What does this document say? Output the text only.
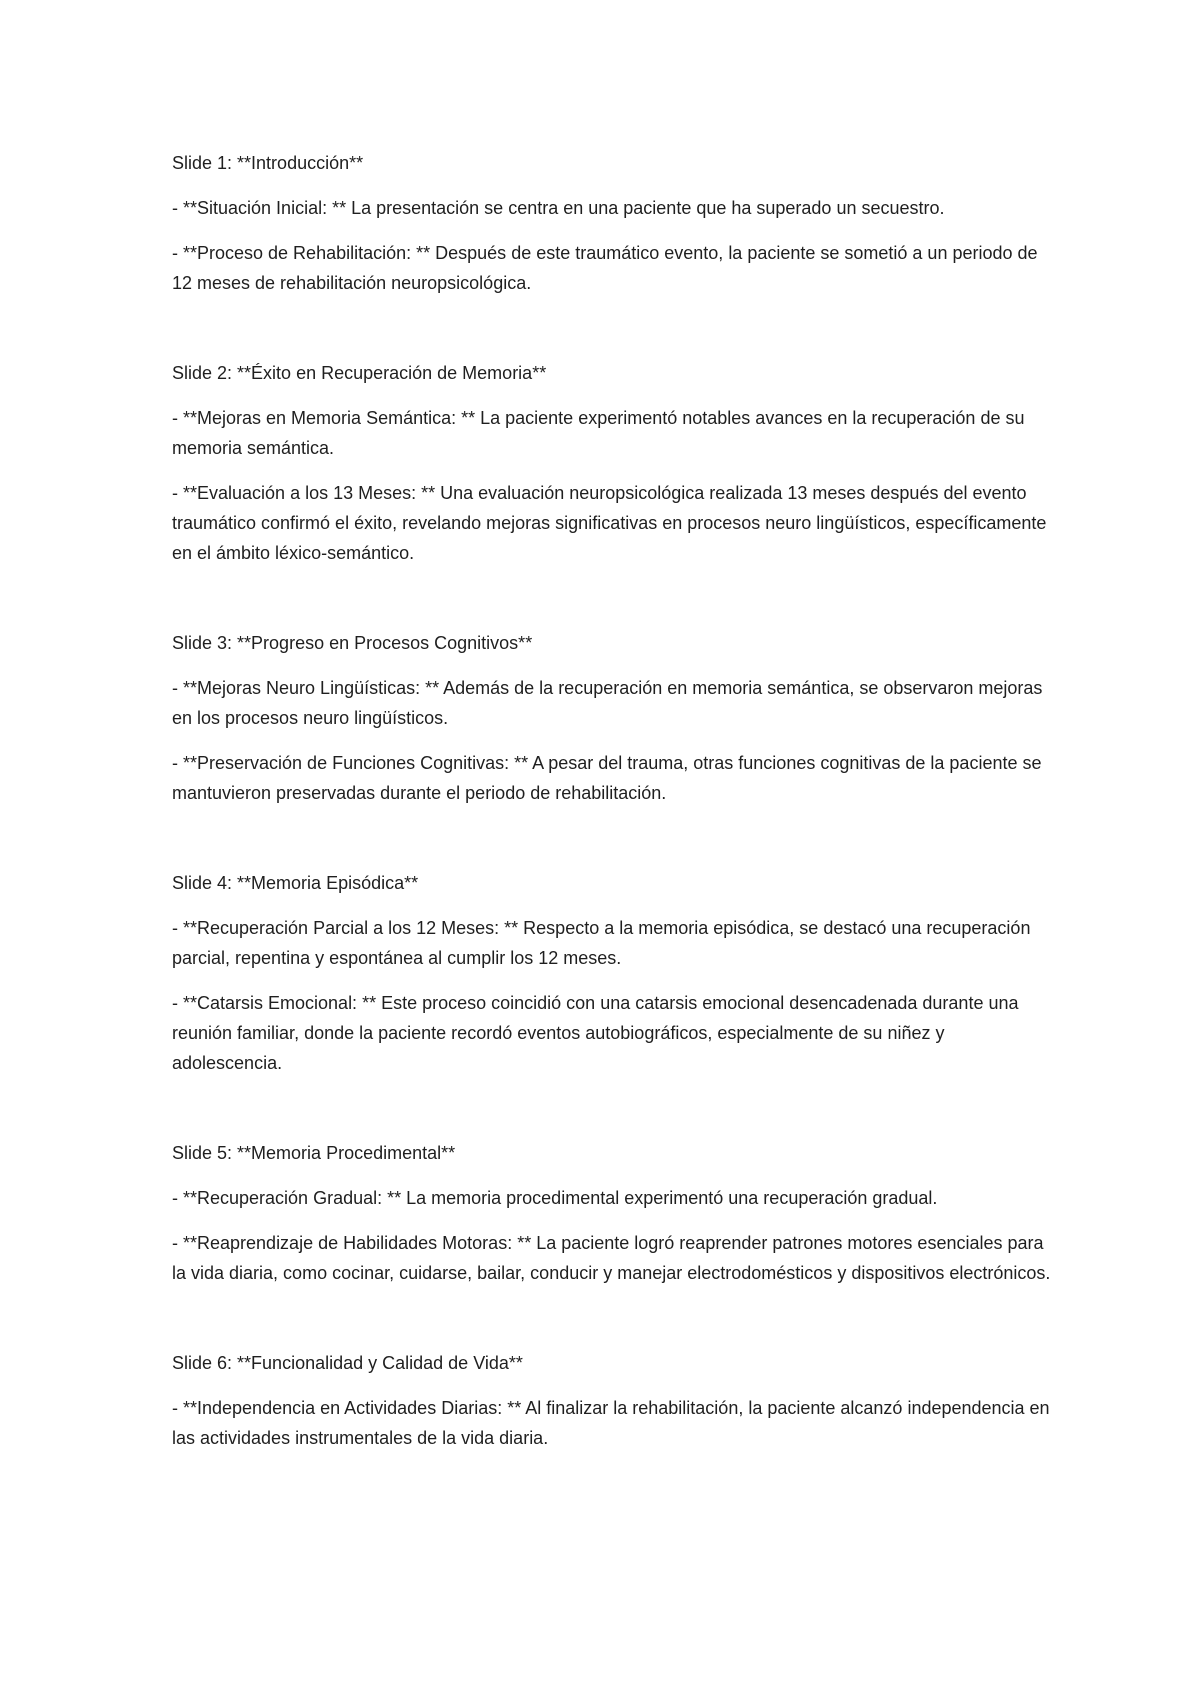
Slide 1: **Introducción**

- **Situación Inicial: ** La presentación se centra en una paciente que ha superado un secuestro.

- **Proceso de Rehabilitación: ** Después de este traumático evento, la paciente se sometió a un periodo de 12 meses de rehabilitación neuropsicológica.

Slide 2: **Éxito en Recuperación de Memoria**

- **Mejoras en Memoria Semántica: ** La paciente experimentó notables avances en la recuperación de su memoria semántica.

- **Evaluación a los 13 Meses: ** Una evaluación neuropsicológica realizada 13 meses después del evento traumático confirmó el éxito, revelando mejoras significativas en procesos neuro lingüísticos, específicamente en el ámbito léxico-semántico.

Slide 3: **Progreso en Procesos Cognitivos**

- **Mejoras Neuro Lingüísticas: ** Además de la recuperación en memoria semántica, se observaron mejoras en los procesos neuro lingüísticos.

- **Preservación de Funciones Cognitivas: ** A pesar del trauma, otras funciones cognitivas de la paciente se mantuvieron preservadas durante el periodo de rehabilitación.

Slide 4: **Memoria Episódica**

- **Recuperación Parcial a los 12 Meses: ** Respecto a la memoria episódica, se destacó una recuperación parcial, repentina y espontánea al cumplir los 12 meses.

- **Catarsis Emocional: ** Este proceso coincidió con una catarsis emocional desencadenada durante una reunión familiar, donde la paciente recordó eventos autobiográficos, especialmente de su niñez y adolescencia.

Slide 5: **Memoria Procedimental**

- **Recuperación Gradual: ** La memoria procedimental experimentó una recuperación gradual.

- **Reaprendizaje de Habilidades Motoras: ** La paciente logró reaprender patrones motores esenciales para la vida diaria, como cocinar, cuidarse, bailar, conducir y manejar electrodomésticos y dispositivos electrónicos.

Slide 6: **Funcionalidad y Calidad de Vida**

- **Independencia en Actividades Diarias: ** Al finalizar la rehabilitación, la paciente alcanzó independencia en las actividades instrumentales de la vida diaria.
